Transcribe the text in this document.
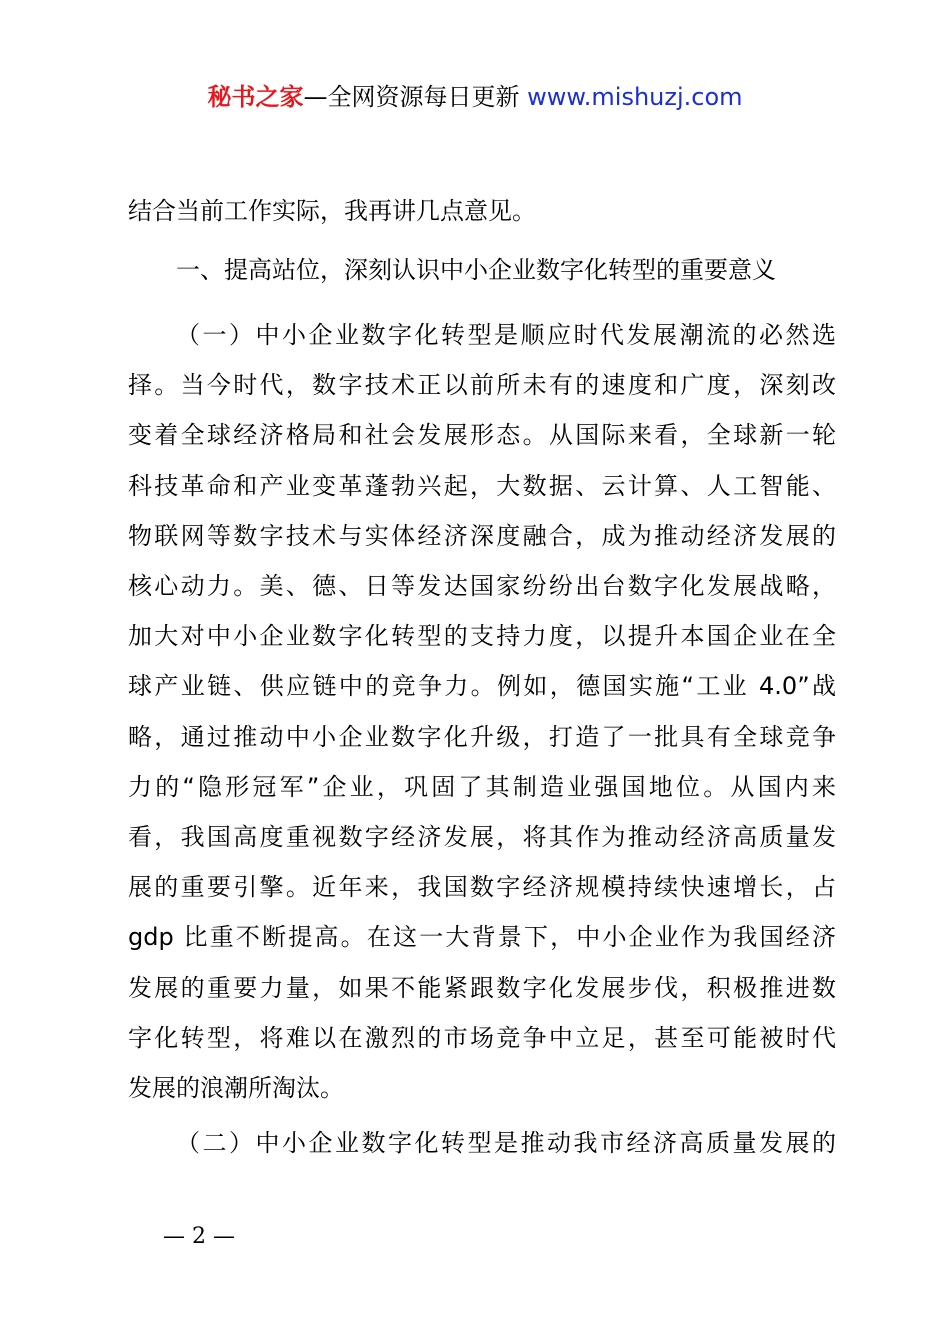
秘书之家—全网资源每日更新 www.mishuzj.com
结合当前工作实际，我再讲几点意见。
一、提高站位，深刻认识中小企业数字化转型的重要意义
（一）中小企业数字化转型是顺应时代发展潮流的必然选
择。当今时代，数字技术正以前所未有的速度和广度，深刻改
变着全球经济格局和社会发展形态。从国际来看，全球新一轮
科技革命和产业变革蓬勃兴起，大数据、云计算、人工智能、
物联网等数字技术与实体经济深度融合，成为推动经济发展的
核心动力。美、德、日等发达国家纷纷出台数字化发展战略，
加大对中小企业数字化转型的支持力度，以提升本国企业在全
球产业链、供应链中的竞争力。例如，德国实施“工业 4.0”战
略，通过推动中小企业数字化升级，打造了一批具有全球竞争
力的“隐形冠军”企业，巩固了其制造业强国地位。从国内来
看，我国高度重视数字经济发展，将其作为推动经济高质量发
展的重要引擎。近年来，我国数字经济规模持续快速增长，占
gdp 比重不断提高。在这一大背景下，中小企业作为我国经济
发展的重要力量，如果不能紧跟数字化发展步伐，积极推进数
字化转型，将难以在激烈的市场竞争中立足，甚至可能被时代
发展的浪潮所淘汰。
（二）中小企业数字化转型是推动我市经济高质量发展的
— 2 —
